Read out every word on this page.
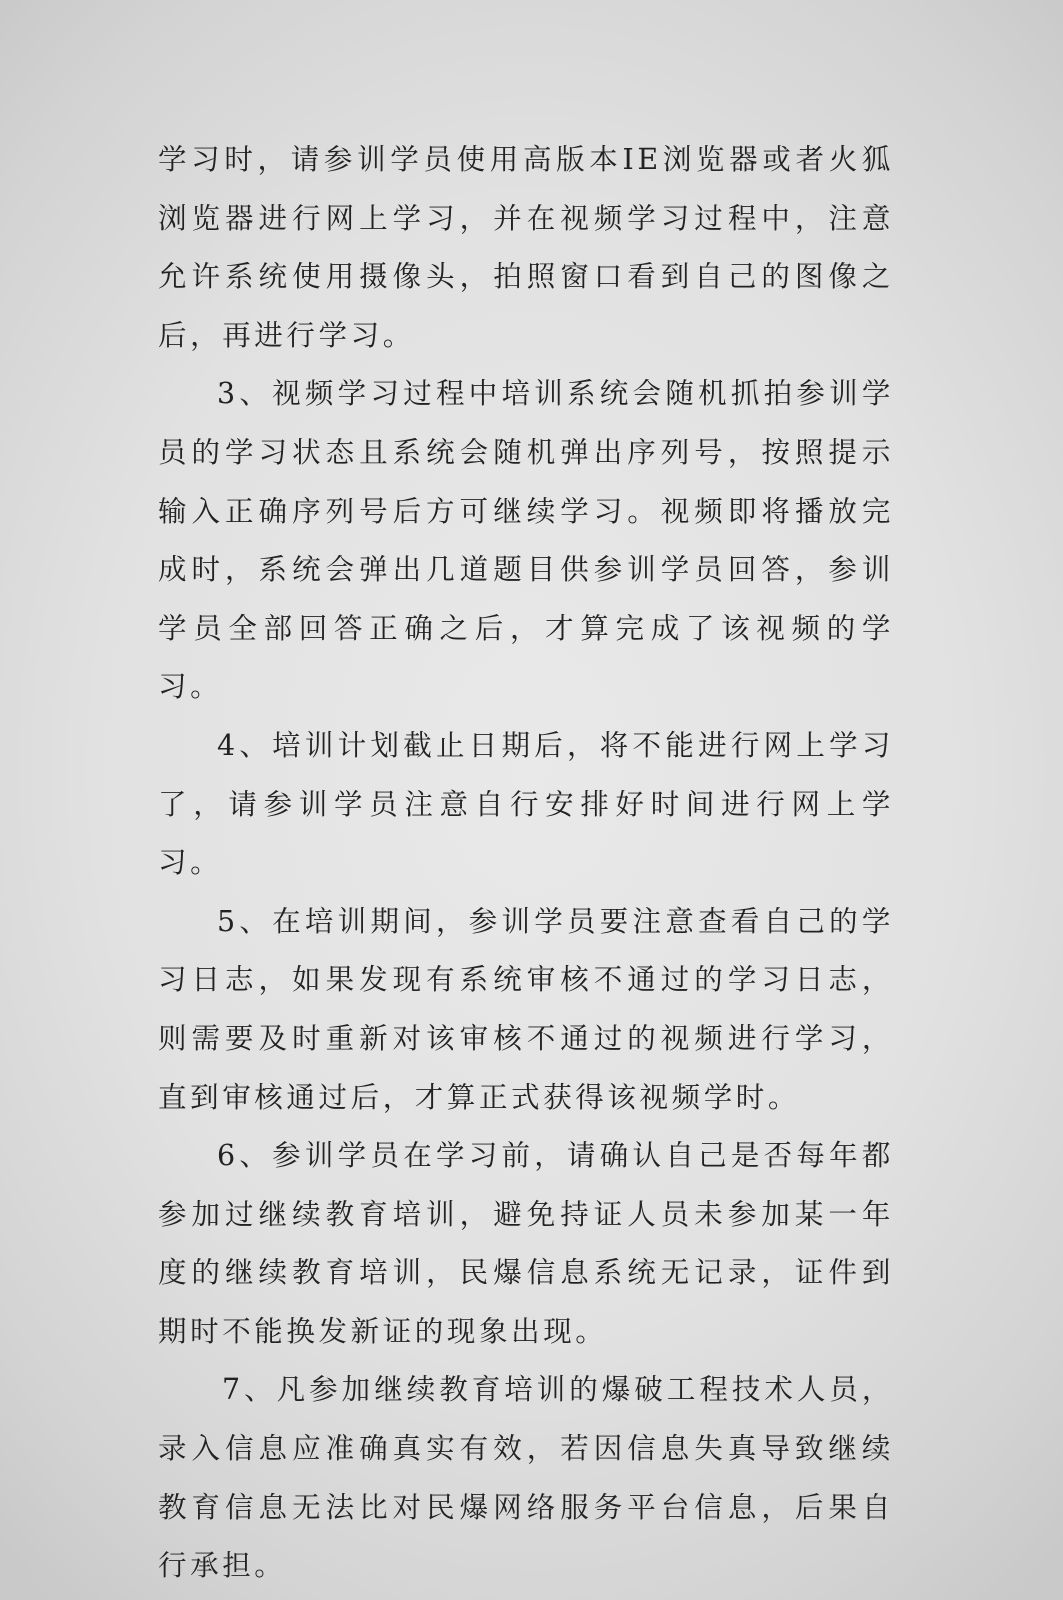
学习时，请参训学员使用高版本IE浏览器或者火狐浏览器进行网上学习，并在视频学习过程中，注意允许系统使用摄像头，拍照窗口看到自己的图像之后，再进行学习。

3、视频学习过程中培训系统会随机抓拍参训学员的学习状态且系统会随机弹出序列号，按照提示输入正确序列号后方可继续学习。视频即将播放完成时，系统会弹出几道题目供参训学员回答，参训学员全部回答正确之后，才算完成了该视频的学习。

4、培训计划截止日期后，将不能进行网上学习了，请参训学员注意自行安排好时间进行网上学习。

5、在培训期间，参训学员要注意查看自己的学习日志，如果发现有系统审核不通过的学习日志，则需要及时重新对该审核不通过的视频进行学习，直到审核通过后，才算正式获得该视频学时。

6、参训学员在学习前，请确认自己是否每年都参加过继续教育培训，避免持证人员未参加某一年度的继续教育培训，民爆信息系统无记录，证件到期时不能换发新证的现象出现。

7、凡参加继续教育培训的爆破工程技术人员，录入信息应准确真实有效，若因信息失真导致继续教育信息无法比对民爆网络服务平台信息，后果自行承担。
